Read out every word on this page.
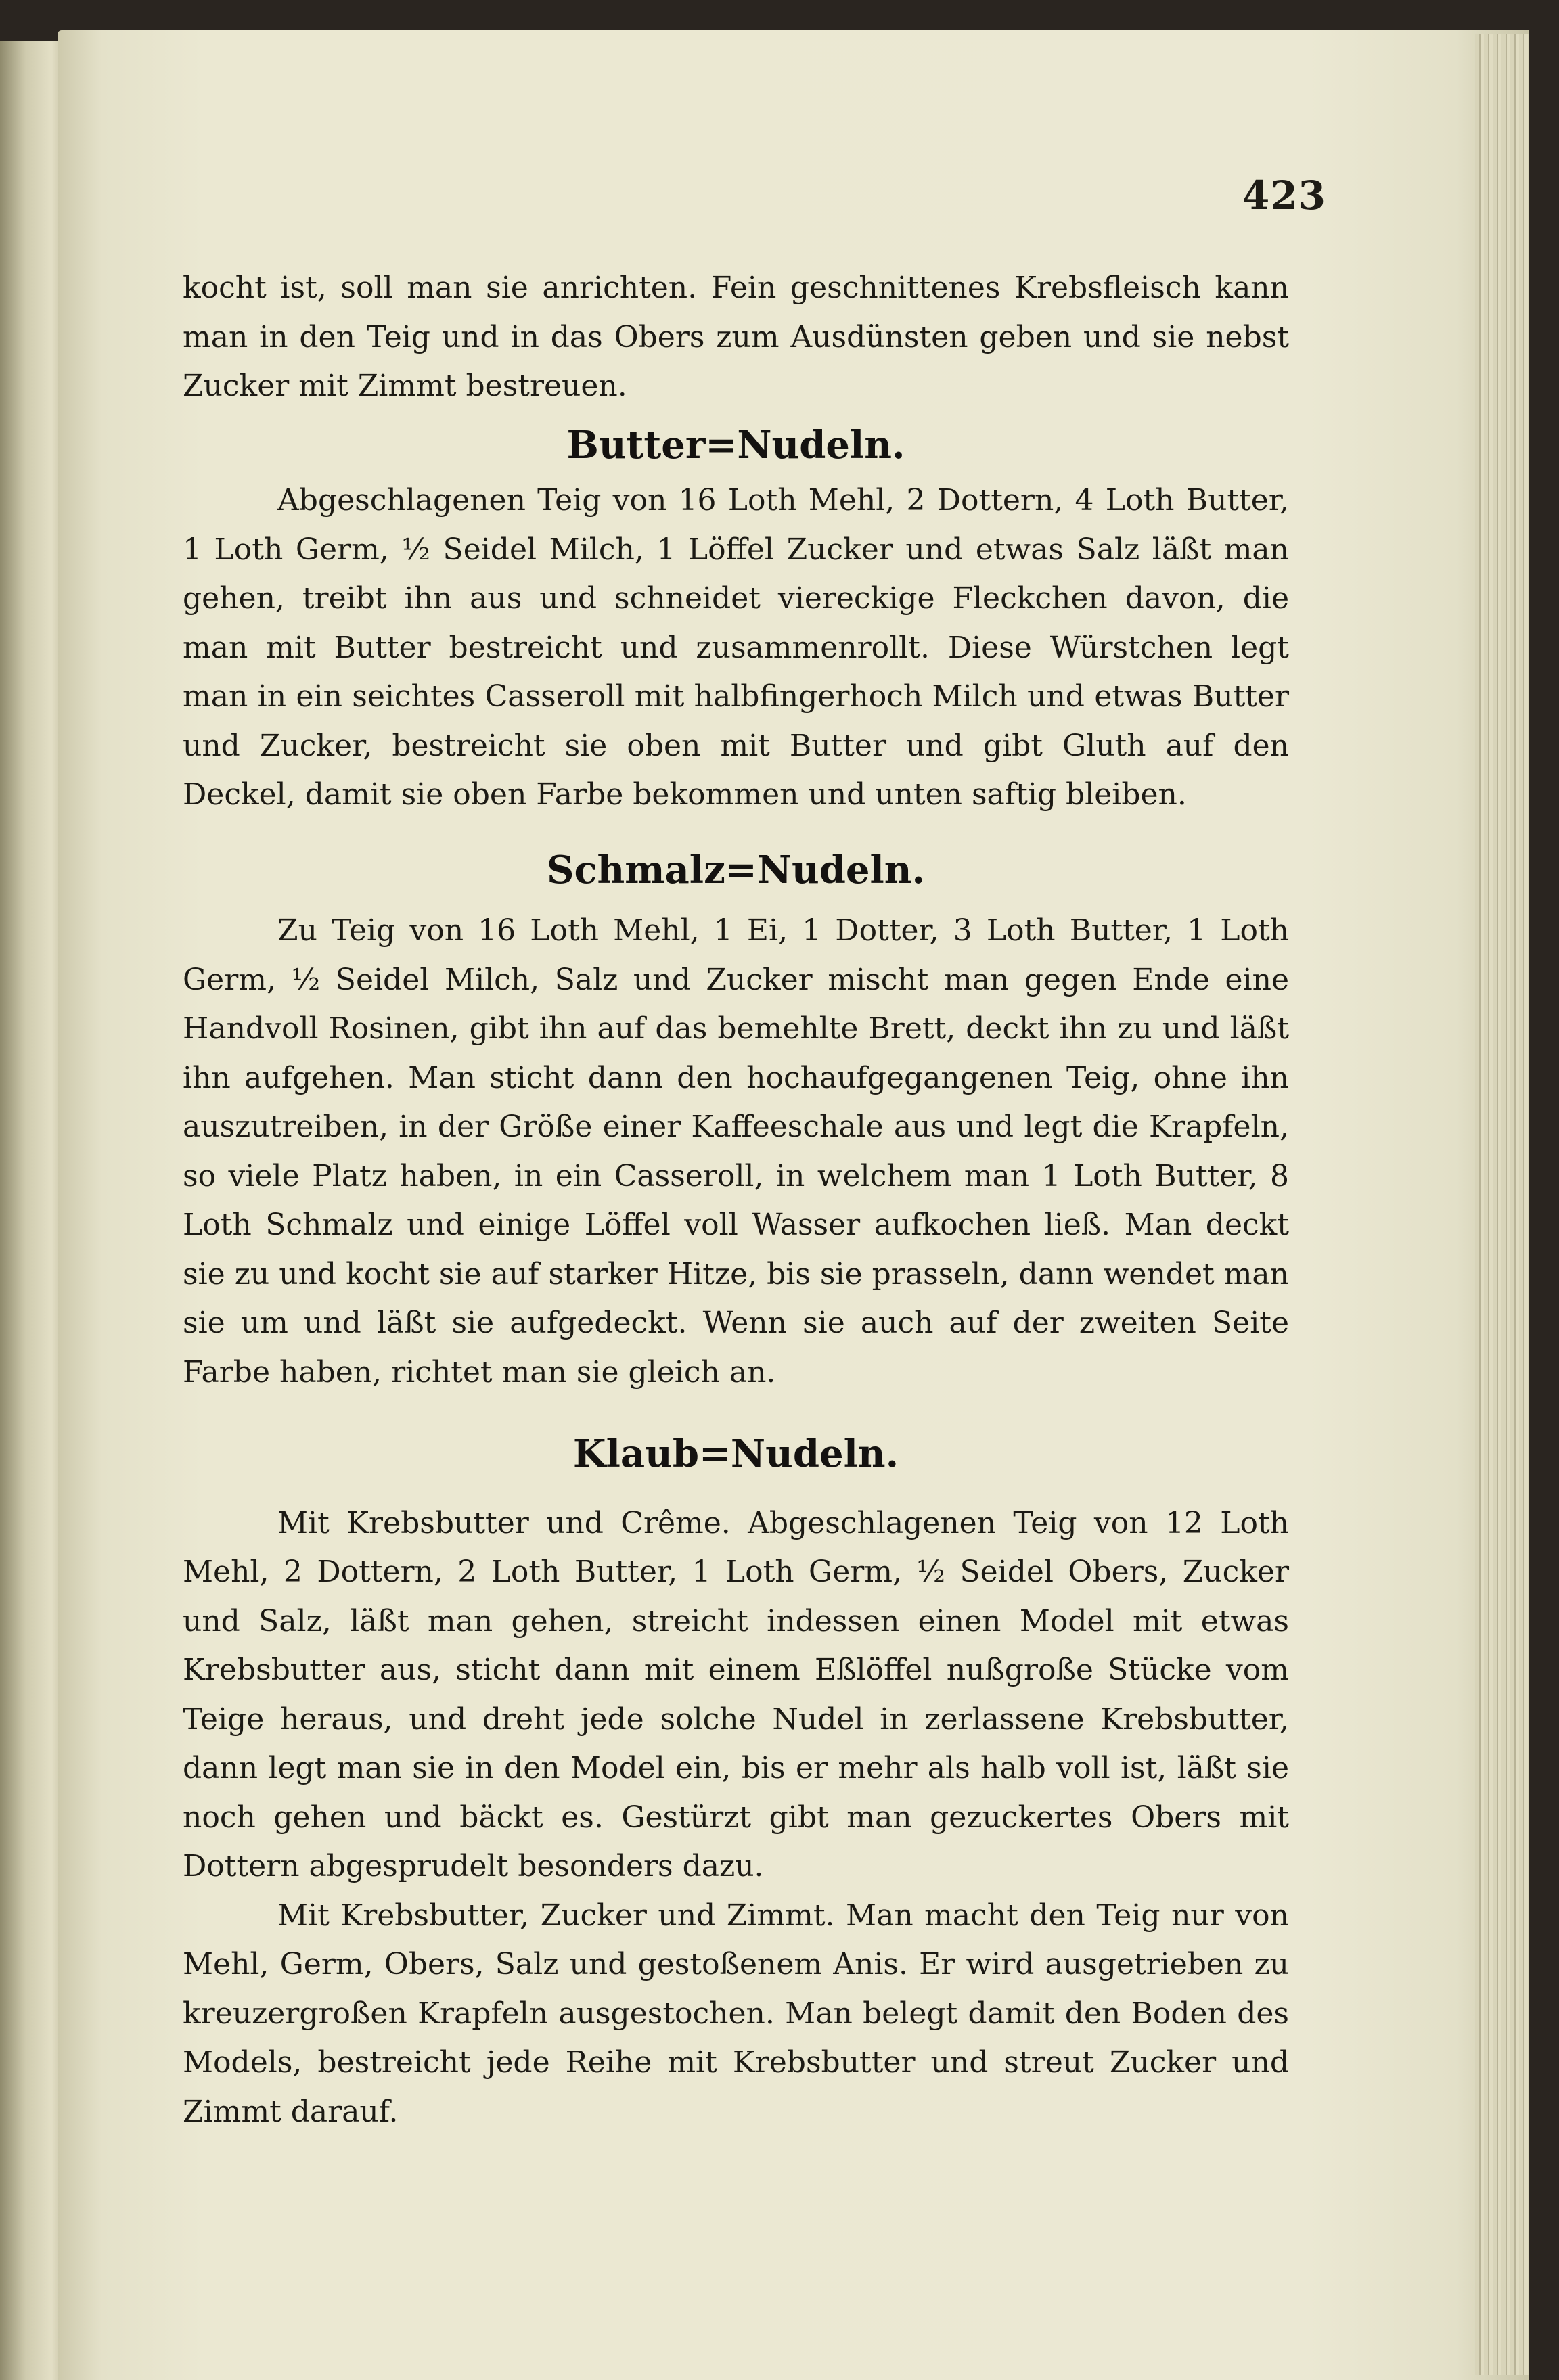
423

kocht ist, soll man sie anrichten. Fein geschnittenes Krebsfleisch kann man in den Teig und in das Obers zum Ausdünsten geben und sie nebst Zucker mit Zimmt bestreuen.

Butter=Nudeln.

Abgeschlagenen Teig von 16 Loth Mehl, 2 Dottern, 4 Loth Butter, 1 Loth Germ, ½ Seidel Milch, 1 Löffel Zucker und etwas Salz läßt man gehen, treibt ihn aus und schneidet viereckige Fleckchen davon, die man mit Butter bestreicht und zusammenrollt. Diese Würstchen legt man in ein seichtes Casseroll mit halbfingerhoch Milch und etwas Butter und Zucker, bestreicht sie oben mit Butter und gibt Gluth auf den Deckel, damit sie oben Farbe bekommen und unten saftig bleiben.

Schmalz=Nudeln.

Zu Teig von 16 Loth Mehl, 1 Ei, 1 Dotter, 3 Loth Butter, 1 Loth Germ, ½ Seidel Milch, Salz und Zucker mischt man gegen Ende eine Handvoll Rosinen, gibt ihn auf das bemehlte Brett, deckt ihn zu und läßt ihn aufgehen. Man sticht dann den hochaufgegangenen Teig, ohne ihn auszutreiben, in der Größe einer Kaffeeschale aus und legt die Krapfeln, so viele Platz haben, in ein Casseroll, in welchem man 1 Loth Butter, 8 Loth Schmalz und einige Löffel voll Wasser aufkochen ließ. Man deckt sie zu und kocht sie auf starker Hitze, bis sie prasseln, dann wendet man sie um und läßt sie aufgedeckt. Wenn sie auch auf der zweiten Seite Farbe haben, richtet man sie gleich an.

Klaub=Nudeln.

Mit Krebsbutter und Crême. Abgeschlagenen Teig von 12 Loth Mehl, 2 Dottern, 2 Loth Butter, 1 Loth Germ, ½ Seidel Obers, Zucker und Salz, läßt man gehen, streicht indessen einen Model mit etwas Krebsbutter aus, sticht dann mit einem Eßlöffel nußgroße Stücke vom Teige heraus, und dreht jede solche Nudel in zerlassene Krebsbutter, dann legt man sie in den Model ein, bis er mehr als halb voll ist, läßt sie noch gehen und bäckt es. Gestürzt gibt man gezuckertes Obers mit Dottern abgesprudelt besonders dazu.

Mit Krebsbutter, Zucker und Zimmt. Man macht den Teig nur von Mehl, Germ, Obers, Salz und gestoßenem Anis. Er wird ausgetrieben zu kreuzergroßen Krapfeln ausgestochen. Man belegt damit den Boden des Models, bestreicht jede Reihe mit Krebsbutter und streut Zucker und Zimmt darauf.
